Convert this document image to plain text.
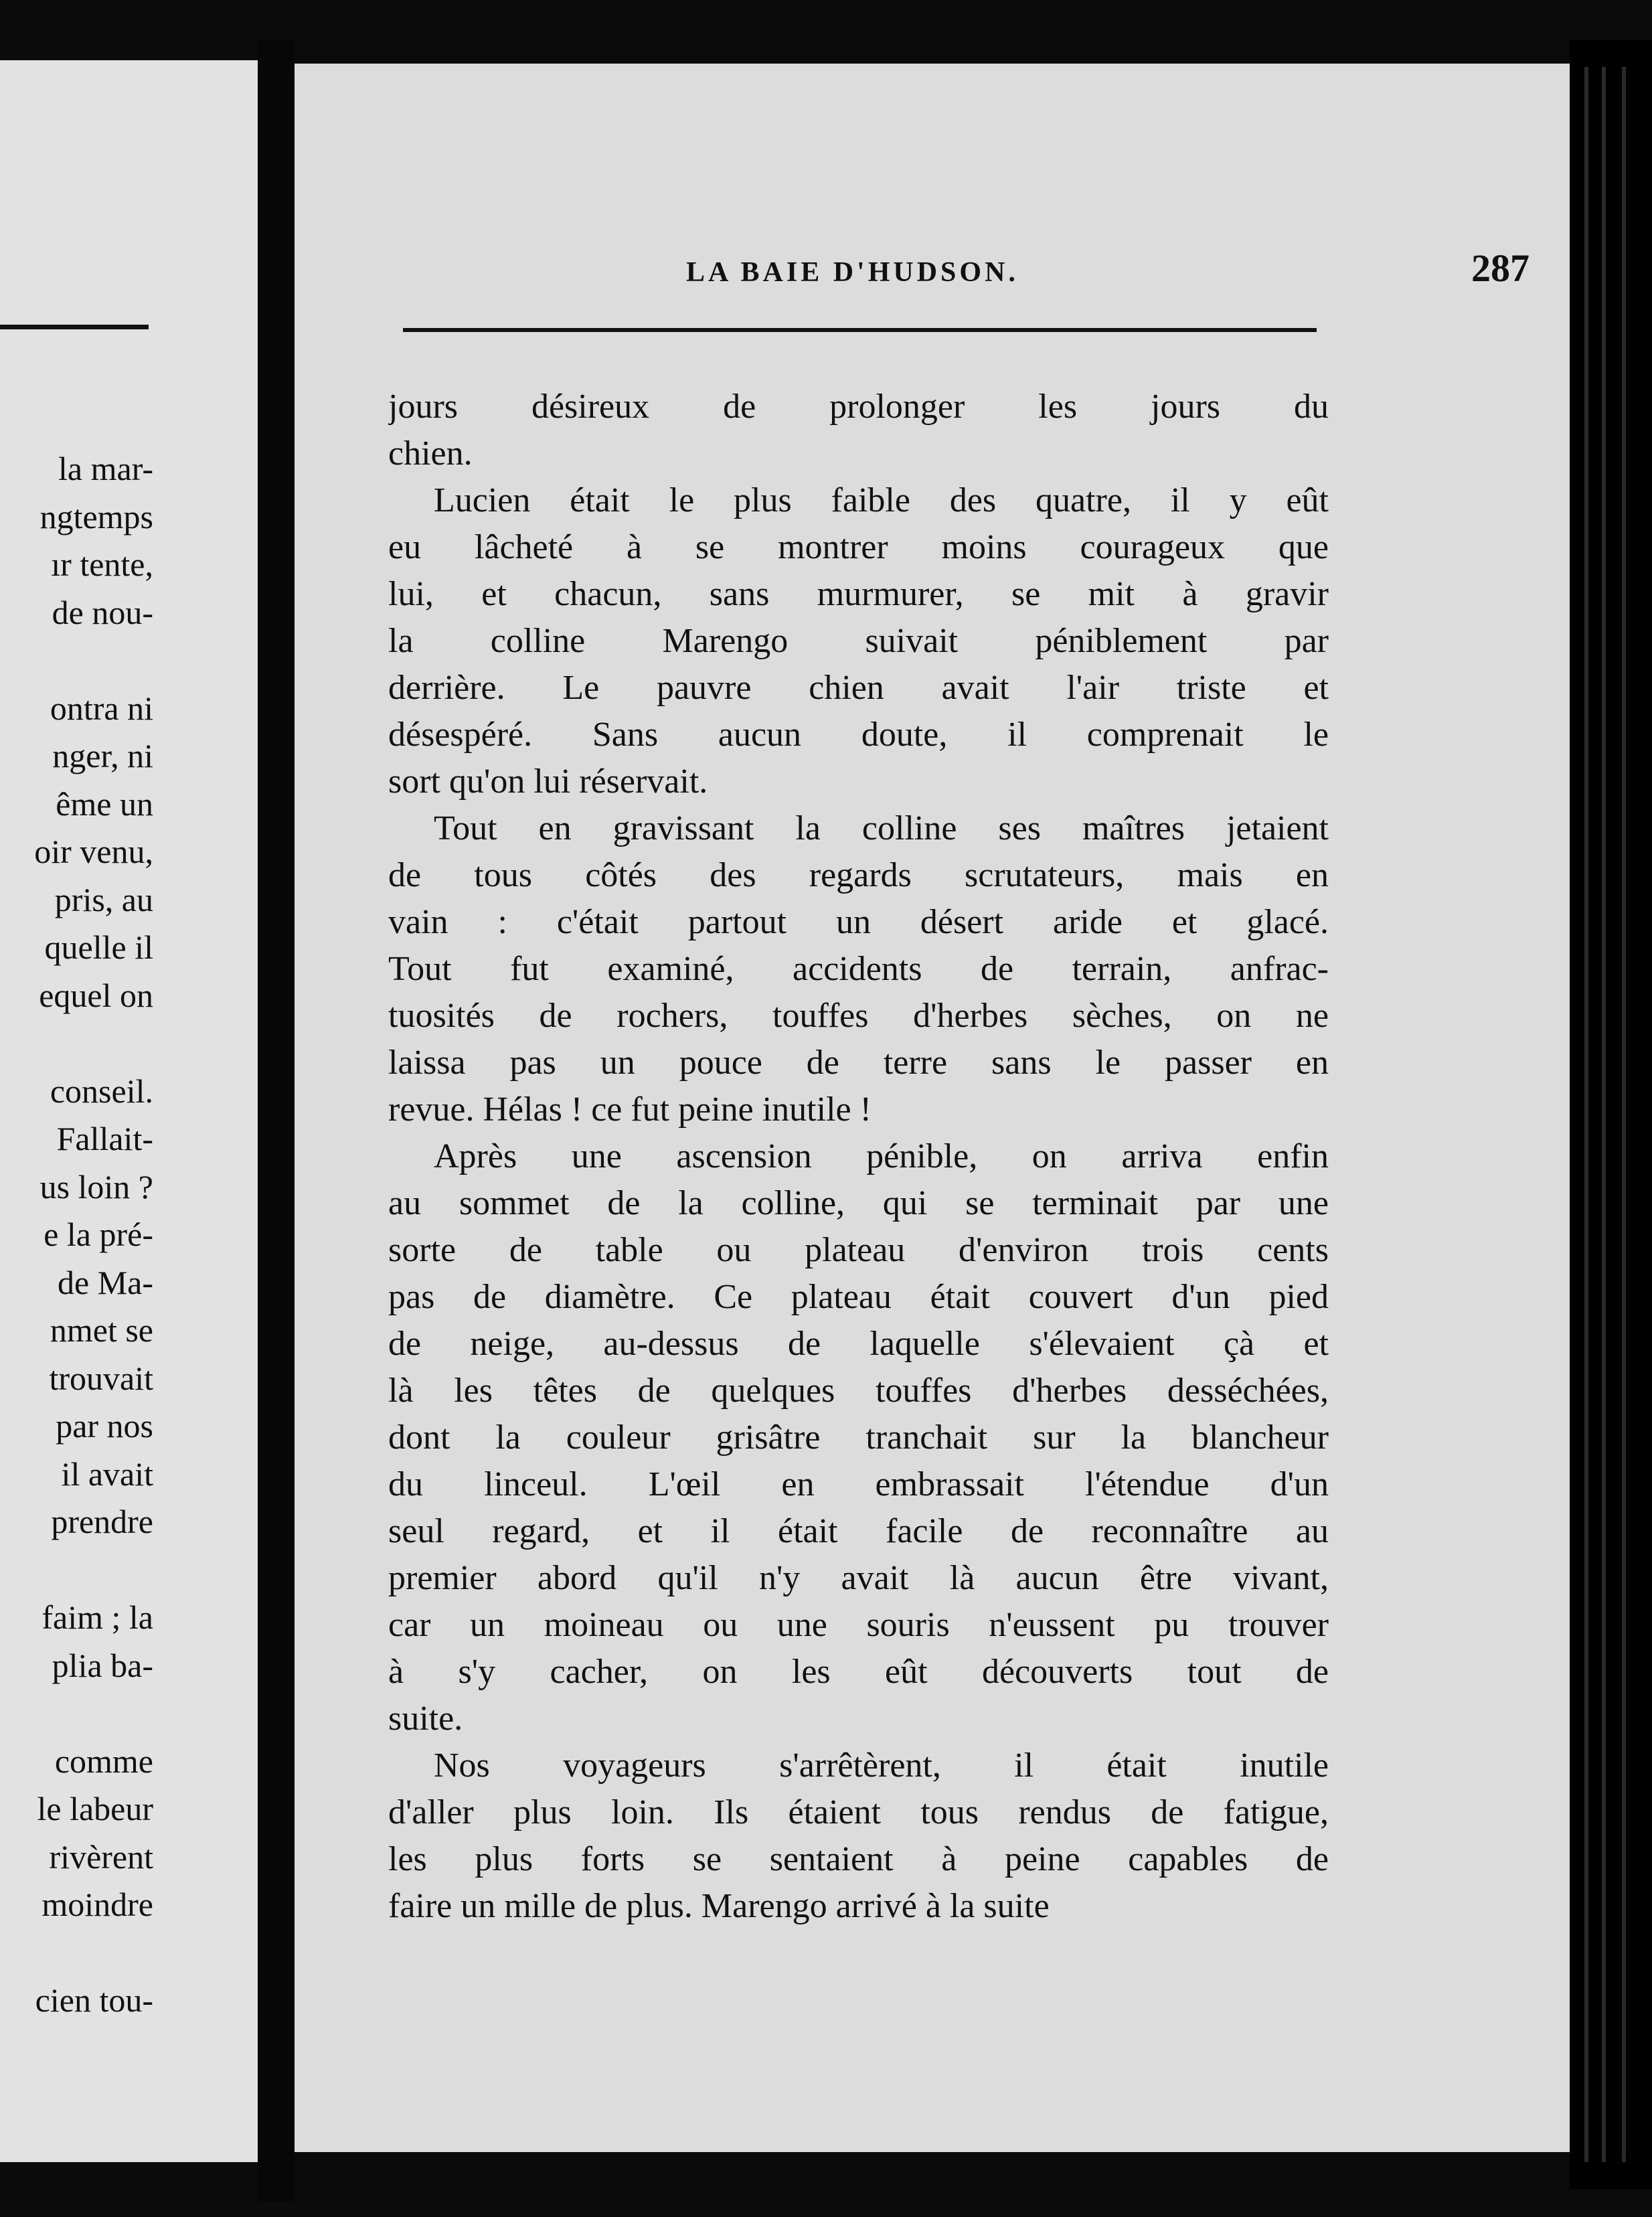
la mar-
ngtemps
ır tente,
de nou-
ontra ni
nger, ni
ême un
oir venu,
pris, au
quelle il
equel on
conseil.
Fallait-
us loin ?
e la pré-
de Ma-
nmet se
trouvait
par nos
il avait
prendre
faim ; la
plia ba-
comme
le labeur
rivèrent
moindre
cien tou-
LA BAIE D'HUDSON.	287

jours désireux de prolonger les jours du
chien.

Lucien était le plus faible des quatre, il y eût
eu lâcheté à se montrer moins courageux que
lui, et chacun, sans murmurer, se mit à gravir
la colline Marengo suivait péniblement par
derrière. Le pauvre chien avait l'air triste et
désespéré. Sans aucun doute, il comprenait le
sort qu'on lui réservait.

Tout en gravissant la colline ses maîtres jetaient
de tous côtés des regards scrutateurs, mais en
vain : c'était partout un désert aride et glacé.
Tout fut examiné, accidents de terrain, anfrac-
tuosités de rochers, touffes d'herbes sèches, on ne
laissa pas un pouce de terre sans le passer en
revue. Hélas ! ce fut peine inutile !

Après une ascension pénible, on arriva enfin
au sommet de la colline, qui se terminait par une
sorte de table ou plateau d'environ trois cents
pas de diamètre. Ce plateau était couvert d'un pied
de neige, au-dessus de laquelle s'élevaient çà et
là les têtes de quelques touffes d'herbes desséchées,
dont la couleur grisâtre tranchait sur la blancheur
du linceul. L'œil en embrassait l'étendue d'un
seul regard, et il était facile de reconnaître au
premier abord qu'il n'y avait là aucun être vivant,
car un moineau ou une souris n'eussent pu trouver
à s'y cacher, on les eût découverts tout de
suite.

Nos voyageurs s'arrêtèrent, il était inutile
d'aller plus loin. Ils étaient tous rendus de fatigue,
les plus forts se sentaient à peine capables de
faire un mille de plus. Marengo arrivé à la suite
